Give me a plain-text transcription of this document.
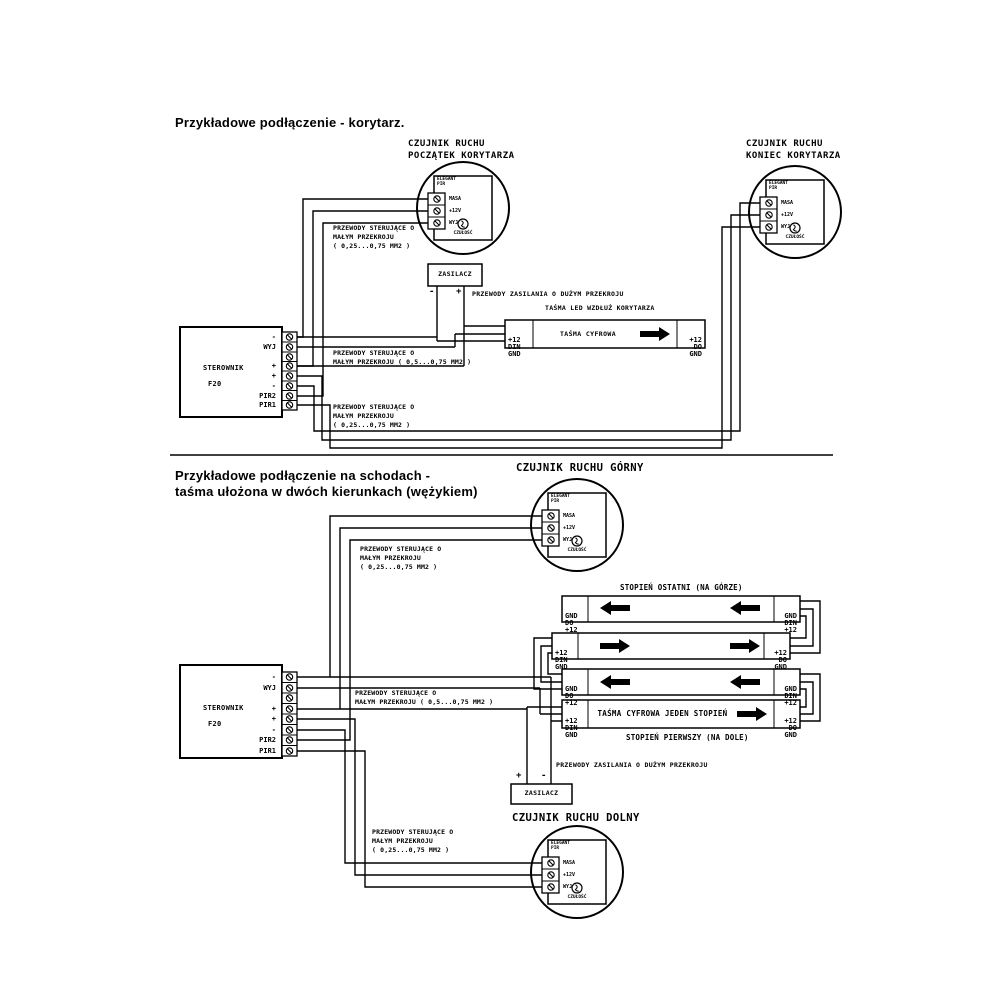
Przykładowe podłączenie - korytarz.
CZUJNIK RUCHU
POCZĄTEK KORYTARZA
CZUJNIK RUCHU
KONIEC KORYTARZA
PRZEWODY STERUJĄCE O
MAŁYM PRZEKROJU
( 0,25...0,75 MM2 )
ZASILACZ
- + PRZEWODY ZASILANIA O DUŻYM PRZEKROJU
TAŚMA LED WZDŁUŻ KORYTARZA

+12
DIN
GND

+12
DO
GND

TAŚMA CYFROWA
STEROWNIK
F20
-
WYJ
+
+
-
PIR2
PIR1
PRZEWODY STERUJĄCE O
MAŁYM PRZEKROJU ( 0,5...0,75 MM2 )
PRZEWODY STERUJĄCE O
MAŁYM PRZEKROJU
( 0,25...0,75 MM2 )
Przykładowe podłączenie na schodach -
taśma ułożona w dwóch kierunkach (wężykiem)
CZUJNIK RUCHU GÓRNY
PRZEWODY STERUJĄCE O
MAŁYM PRZEKROJU
( 0,25...0,75 MM2 )
STOPIEŃ OSTATNI (NA GÓRZE)
STOPIEŃ PIERWSZY (NA DOLE)

GND
DO
+12

GND
DIN
+12

+12
DIN
GND

+12
DO
GND

GND
DO
+12

GND
DIN
+12

+12
DIN
GND

+12
DO
GND

TAŚMA CYFROWA JEDEN STOPIEŃ
PRZEWODY STERUJĄCE O
MAŁYM PRZEKROJU ( 0,5...0,75 MM2 )
STEROWNIK
F20
-
WYJ
+
+
-
PIR2
PIR1
PRZEWODY ZASILANIA O DUŻYM PRZEKROJU
+ -
ZASILACZ
CZUJNIK RUCHU DOLNY
PRZEWODY STERUJĄCE O
MAŁYM PRZEKROJU
( 0,25...0,75 MM2 )
ELEGANT
PIR
MASA
+12V
WYJ
CZUŁOŚĆ
ELEGANT
PIR
MASA
+12V
WYJ
CZUŁOŚĆ
ELEGANT
PIR
MASA
+12V
WYJ
CZUŁOŚĆ
ELEGANT
PIR
MASA
+12V
WYJ
CZUŁOŚĆ
